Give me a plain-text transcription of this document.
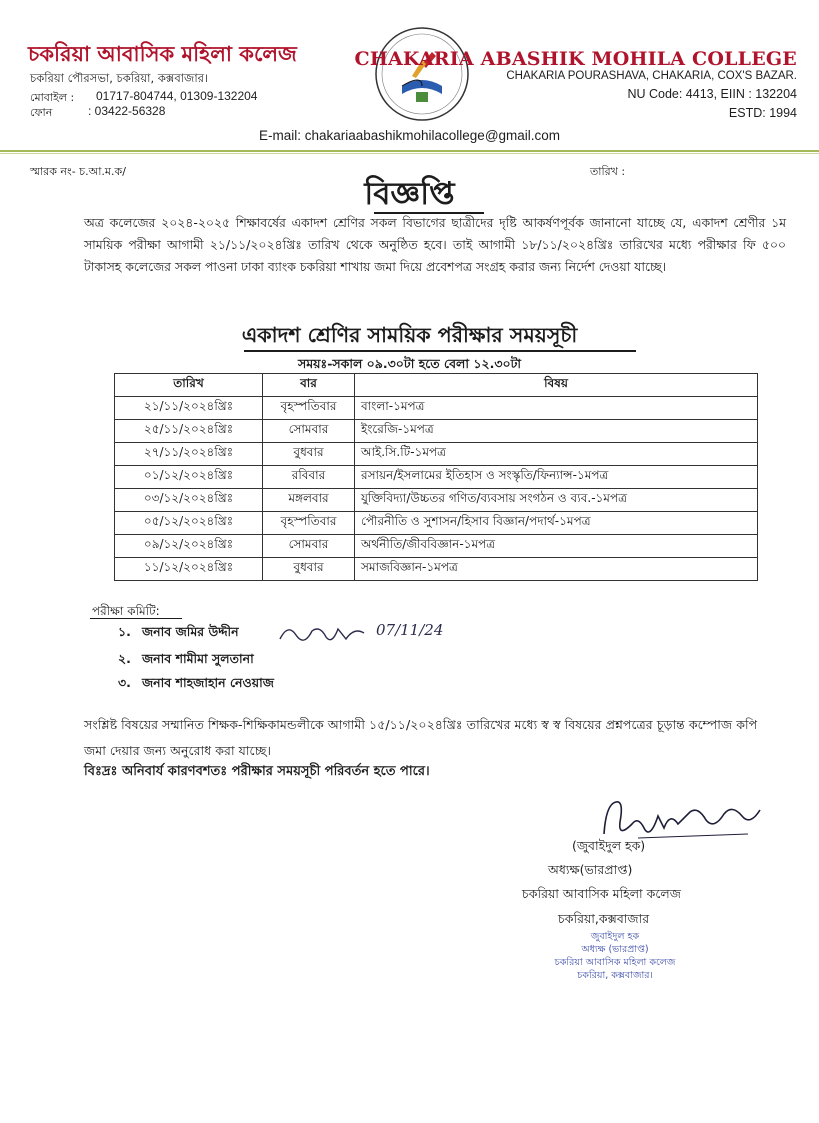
চকরিয়া আবাসিক মহিলা কলেজ
চকরিয়া পৌরসভা, চকরিয়া, কক্সবাজার।
মোবাইল : 01717-804744, 01309-132204
ফোন	: 03422-56328
CHAKARIA ABASHIK MOHILA COLLEGE
CHAKARIA POURASHAVA, CHAKARIA, COX'S BAZAR.
NU Code: 4413, EIIN : 132204
ESTD: 1994
E-mail: chakariaabashikmohilacollege@gmail.com
স্মারক নং- চ.আ.ম.ক/	তারিখ :
বিজ্ঞপ্তি
অত্র কলেজের ২০২৪-২০২৫ শিক্ষাবর্ষের একাদশ শ্রেণির সকল বিভাগের ছাত্রীদের দৃষ্টি আকর্ষণপূর্বক জানানো যাচ্ছে যে, একাদশ শ্রেণীর ১ম সাময়িক পরীক্ষা আগামী ২১/১১/২০২৪খ্রিঃ তারিখ থেকে অনুষ্ঠিত হবে। তাই আগামী ১৮/১১/২০২৪খ্রিঃ তারিখের মধ্যে পরীক্ষার ফি ৫০০ টাকাসহ কলেজের সকল পাওনা ঢাকা ব্যাংক চকরিয়া শাখায় জমা দিয়ে প্রবেশপত্র সংগ্রহ করার জন্য নির্দেশ দেওয়া যাচ্ছে।
একাদশ শ্রেণির সাময়িক পরীক্ষার সময়সূচী
সময়ঃ-সকাল ০৯.৩০টা হতে বেলা ১২.৩০টা
তারিখ	বার	বিষয়
২১/১১/২০২৪খ্রিঃ	বৃহস্পতিবার	বাংলা-১মপত্র
২৫/১১/২০২৪খ্রিঃ	সোমবার	ইংরেজি-১মপত্র
২৭/১১/২০২৪খ্রিঃ	বুধবার	আই.সি.টি-১মপত্র
০১/১২/২০২৪খ্রিঃ	রবিবার	রসায়ন/ইসলামের ইতিহাস ও সংস্কৃতি/ফিন্যান্স-১মপত্র
০৩/১২/২০২৪খ্রিঃ	মঙ্গলবার	যুক্তিবিদ্যা/উচ্চতর গণিত/ব্যবসায় সংগঠন ও ব্যব.-১মপত্র
০৫/১২/২০২৪খ্রিঃ	বৃহস্পতিবার	পৌরনীতি ও সুশাসন/হিসাব বিজ্ঞান/পদার্থ-১মপত্র
০৯/১২/২০২৪খ্রিঃ	সোমবার	অর্থনীতি/জীববিজ্ঞান-১মপত্র
১১/১২/২০২৪খ্রিঃ	বুধবার	সমাজবিজ্ঞান-১মপত্র
পরীক্ষা কমিটি:
১. জনাব জমির উদ্দীন
২. জনাব শামীমা সুলতানা
৩. জনাব শাহজাহান নেওয়াজ
07/11/24
সংশ্লিষ্ট বিষয়ের সম্মানিত শিক্ষক-শিক্ষিকামন্ডলীকে আগামী ১৫/১১/২০২৪খ্রিঃ তারিখের মধ্যে স্ব স্ব বিষয়ের প্রশ্নপত্রের চূড়ান্ত কম্পোজ কপি জমা দেয়ার জন্য অনুরোধ করা যাচ্ছে।
বিঃদ্রঃ অনিবার্য কারণবশতঃ পরীক্ষার সময়সূচী পরিবর্তন হতে পারে।
(জুবাইদুল হক)
অধ্যক্ষ(ভারপ্রাপ্ত)
চকরিয়া আবাসিক মহিলা কলেজ
চকরিয়া,কক্সবাজার
জুবাইদুল হক
অধ্যক্ষ (ভারপ্রাপ্ত)
চকরিয়া আবাসিক মহিলা কলেজ
চকরিয়া, কক্সবাজার।
